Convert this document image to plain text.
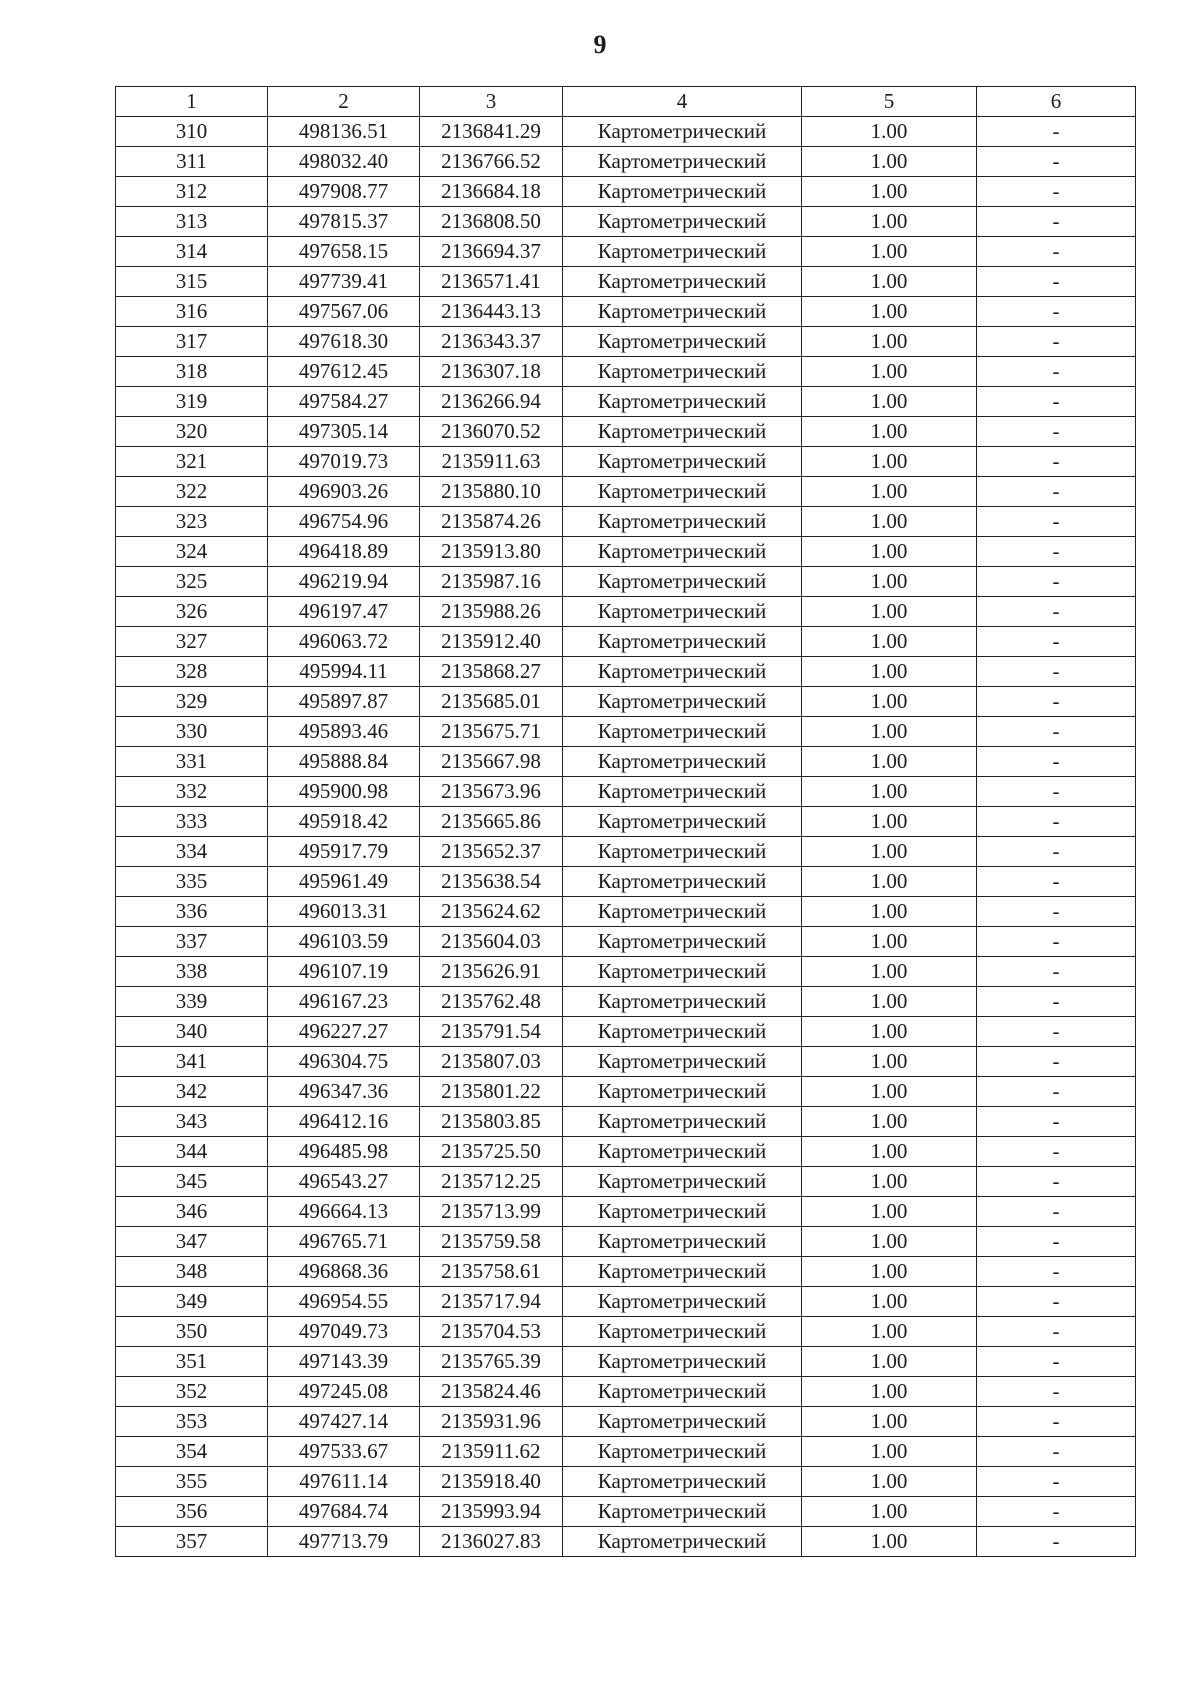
9
1	2	3	4	5	6
310	498136.51	2136841.29	Картометрический	1.00	-
311	498032.40	2136766.52	Картометрический	1.00	-
312	497908.77	2136684.18	Картометрический	1.00	-
313	497815.37	2136808.50	Картометрический	1.00	-
314	497658.15	2136694.37	Картометрический	1.00	-
315	497739.41	2136571.41	Картометрический	1.00	-
316	497567.06	2136443.13	Картометрический	1.00	-
317	497618.30	2136343.37	Картометрический	1.00	-
318	497612.45	2136307.18	Картометрический	1.00	-
319	497584.27	2136266.94	Картометрический	1.00	-
320	497305.14	2136070.52	Картометрический	1.00	-
321	497019.73	2135911.63	Картометрический	1.00	-
322	496903.26	2135880.10	Картометрический	1.00	-
323	496754.96	2135874.26	Картометрический	1.00	-
324	496418.89	2135913.80	Картометрический	1.00	-
325	496219.94	2135987.16	Картометрический	1.00	-
326	496197.47	2135988.26	Картометрический	1.00	-
327	496063.72	2135912.40	Картометрический	1.00	-
328	495994.11	2135868.27	Картометрический	1.00	-
329	495897.87	2135685.01	Картометрический	1.00	-
330	495893.46	2135675.71	Картометрический	1.00	-
331	495888.84	2135667.98	Картометрический	1.00	-
332	495900.98	2135673.96	Картометрический	1.00	-
333	495918.42	2135665.86	Картометрический	1.00	-
334	495917.79	2135652.37	Картометрический	1.00	-
335	495961.49	2135638.54	Картометрический	1.00	-
336	496013.31	2135624.62	Картометрический	1.00	-
337	496103.59	2135604.03	Картометрический	1.00	-
338	496107.19	2135626.91	Картометрический	1.00	-
339	496167.23	2135762.48	Картометрический	1.00	-
340	496227.27	2135791.54	Картометрический	1.00	-
341	496304.75	2135807.03	Картометрический	1.00	-
342	496347.36	2135801.22	Картометрический	1.00	-
343	496412.16	2135803.85	Картометрический	1.00	-
344	496485.98	2135725.50	Картометрический	1.00	-
345	496543.27	2135712.25	Картометрический	1.00	-
346	496664.13	2135713.99	Картометрический	1.00	-
347	496765.71	2135759.58	Картометрический	1.00	-
348	496868.36	2135758.61	Картометрический	1.00	-
349	496954.55	2135717.94	Картометрический	1.00	-
350	497049.73	2135704.53	Картометрический	1.00	-
351	497143.39	2135765.39	Картометрический	1.00	-
352	497245.08	2135824.46	Картометрический	1.00	-
353	497427.14	2135931.96	Картометрический	1.00	-
354	497533.67	2135911.62	Картометрический	1.00	-
355	497611.14	2135918.40	Картометрический	1.00	-
356	497684.74	2135993.94	Картометрический	1.00	-
357	497713.79	2136027.83	Картометрический	1.00	-
